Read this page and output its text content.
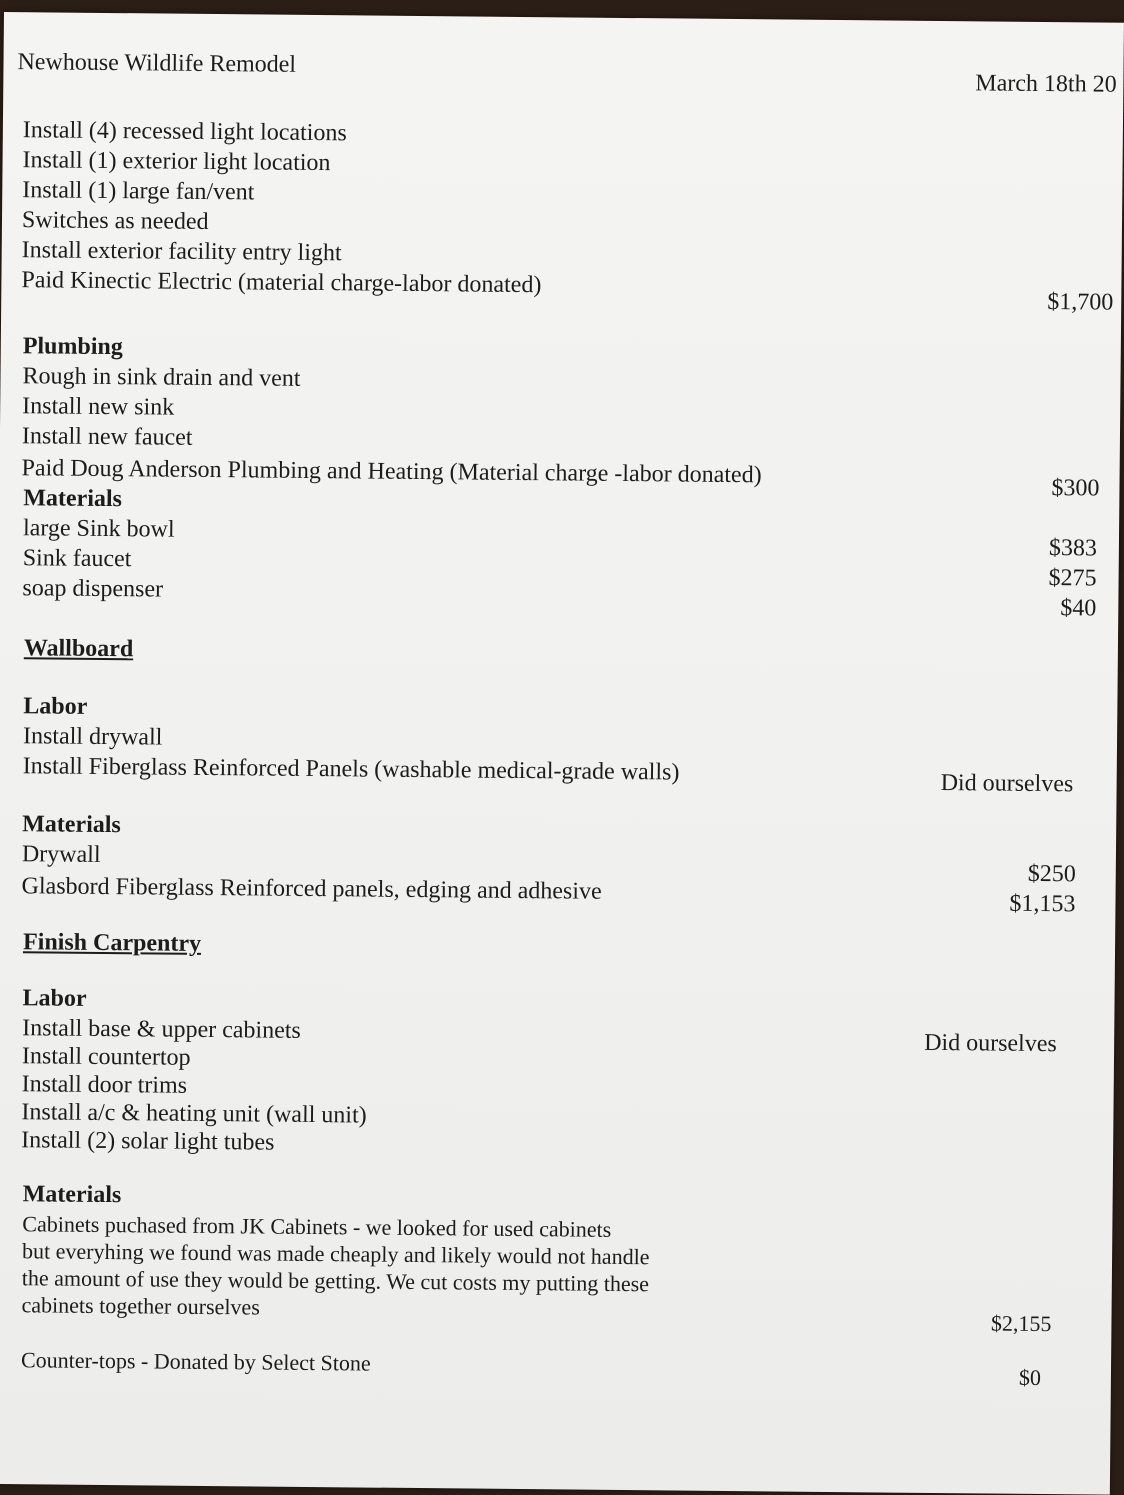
Newhouse Wildlife Remodel
March 18th 20
Install (4) recessed light locations
Install (1) exterior light location
Install (1) large fan/vent
Switches as needed
Install exterior facility entry light
Paid Kinectic Electric (material charge-labor donated)
$1,700
Plumbing
Rough in sink drain and vent
Install new sink
Install new faucet
Paid Doug Anderson Plumbing and Heating (Material charge -labor donated)
$300
Materials
large Sink bowl
Sink faucet
soap dispenser
$383
$275
$40
Wallboard
Labor
Install drywall
Install Fiberglass Reinforced Panels (washable medical-grade walls)	Did ourselves
Materials
Drywall
Glasbord Fiberglass Reinforced panels, edging and adhesive	$250
$1,153
Finish Carpentry
Labor
Install base & upper cabinets
Install countertop
Install door trims
Install a/c & heating unit (wall unit)
Install (2) solar light tubes
Did ourselves
Materials
Cabinets puchased from JK Cabinets - we looked for used cabinets
but everyhing we found was made cheaply and likely would not handle
the amount of use they would be getting. We cut costs my putting these
cabinets together ourselves
$2,155
Counter-tops - Donated by Select Stone
$0
